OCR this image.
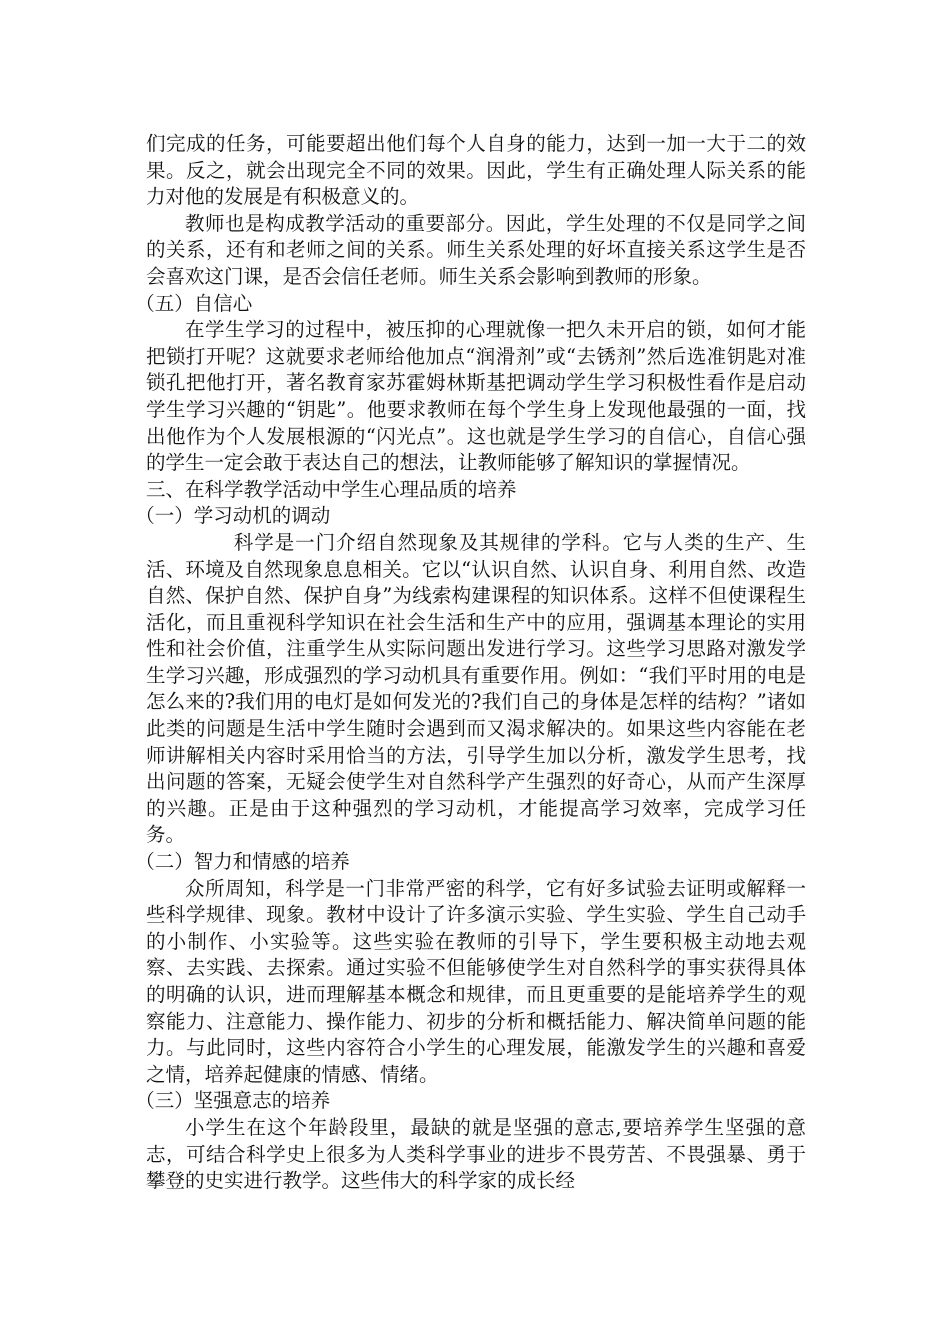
们完成的任务，可能要超出他们每个人自身的能力，达到一加一大于二的效果。反之，就会出现完全不同的效果。因此，学生有正确处理人际关系的能力对他的发展是有积极意义的。

教师也是构成教学活动的重要部分。因此，学生处理的不仅是同学之间的关系，还有和老师之间的关系。师生关系处理的好坏直接关系这学生是否会喜欢这门课，是否会信任老师。师生关系会影响到教师的形象。

（五）自信心

在学生学习的过程中，被压抑的心理就像一把久未开启的锁，如何才能把锁打开呢？这就要求老师给他加点“润滑剂”或“去锈剂”然后选准钥匙对准锁孔把他打开，著名教育家苏霍姆林斯基把调动学生学习积极性看作是启动学生学习兴趣的“钥匙”。他要求教师在每个学生身上发现他最强的一面，找出他作为个人发展根源的“闪光点”。这也就是学生学习的自信心，自信心强的学生一定会敢于表达自己的想法，让教师能够了解知识的掌握情况。

三、在科学教学活动中学生心理品质的培养

（一）学习动机的调动

科学是一门介绍自然现象及其规律的学科。它与人类的生产、生活、环境及自然现象息息相关。它以“认识自然、认识自身、利用自然、改造自然、保护自然、保护自身”为线索构建课程的知识体系。这样不但使课程生活化，而且重视科学知识在社会生活和生产中的应用，强调基本理论的实用性和社会价值，注重学生从实际问题出发进行学习。这些学习思路对激发学生学习兴趣，形成强烈的学习动机具有重要作用。例如：“我们平时用的电是怎么来的?我们用的电灯是如何发光的?我们自己的身体是怎样的结构？”诸如此类的问题是生活中学生随时会遇到而又渴求解决的。如果这些内容能在老师讲解相关内容时采用恰当的方法，引导学生加以分析，激发学生思考，找出问题的答案，无疑会使学生对自然科学产生强烈的好奇心，从而产生深厚的兴趣。正是由于这种强烈的学习动机，才能提高学习效率，完成学习任务。

（二）智力和情感的培养

众所周知，科学是一门非常严密的科学，它有好多试验去证明或解释一些科学规律、现象。教材中设计了许多演示实验、学生实验、学生自己动手的小制作、小实验等。这些实验在教师的引导下，学生要积极主动地去观察、去实践、去探索。通过实验不但能够使学生对自然科学的事实获得具体的明确的认识，进而理解基本概念和规律，而且更重要的是能培养学生的观察能力、注意能力、操作能力、初步的分析和概括能力、解决简单问题的能力。与此同时，这些内容符合小学生的心理发展，能激发学生的兴趣和喜爱之情，培养起健康的情感、情绪。

（三）坚强意志的培养

小学生在这个年龄段里，最缺的就是坚强的意志,要培养学生坚强的意志，可结合科学史上很多为人类科学事业的进步不畏劳苦、不畏强暴、勇于攀登的史实进行教学。这些伟大的科学家的成长经
